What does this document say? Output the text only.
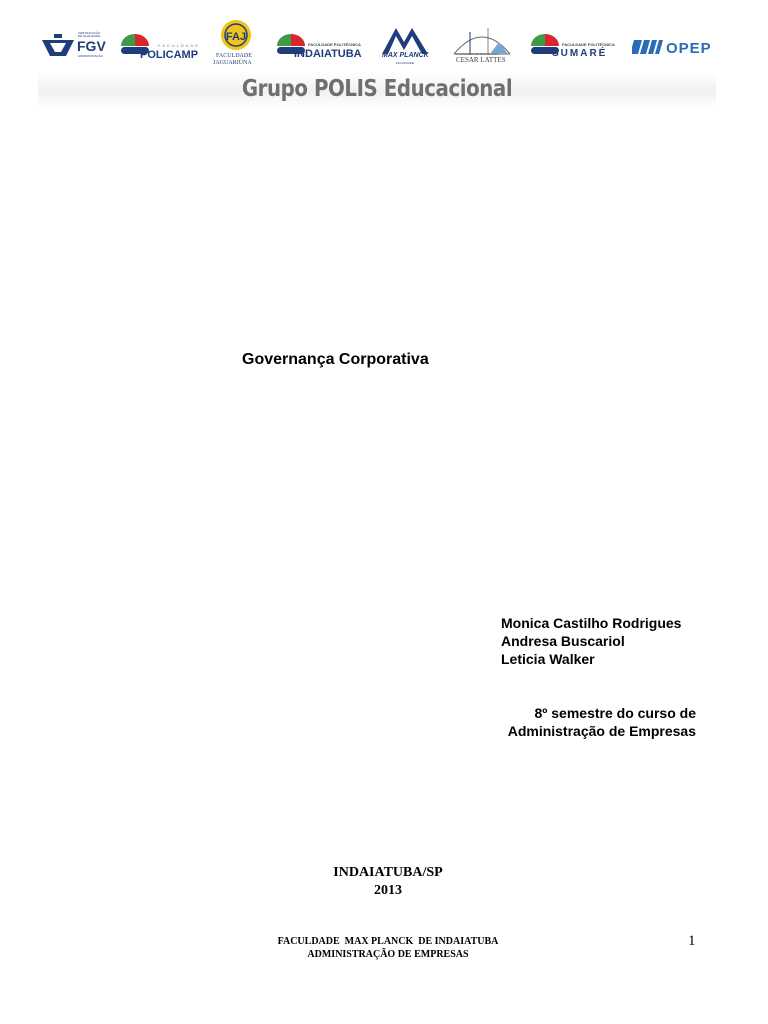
CERTIFICAÇÃO DE QUALIDADE
FGV
ADMINISTRAÇÃO
FACULDADE
POLICAMP
FAJ
FACULDADE
JAGUARIÚNA
FACULDADE POLITÉCNICA
INDAIATUBA	MAX PLANCK
FACULDADE
FACULDADE DE TECNOLOGIA
CESAR LATTES
FACULDADE POLITÉCNICA
SUMARÉ	OPEP
Grupo POLIS Educacional
Governança Corporativa
Monica Castilho Rodrigues
Andresa Buscariol
Leticia Walker
8º semestre do curso de
Administração de Empresas
INDAIATUBA/SP
2013
FACULDADE  MAX PLANCK  DE INDAIATUBA
ADMINISTRAÇÃO DE EMPRESAS
1
